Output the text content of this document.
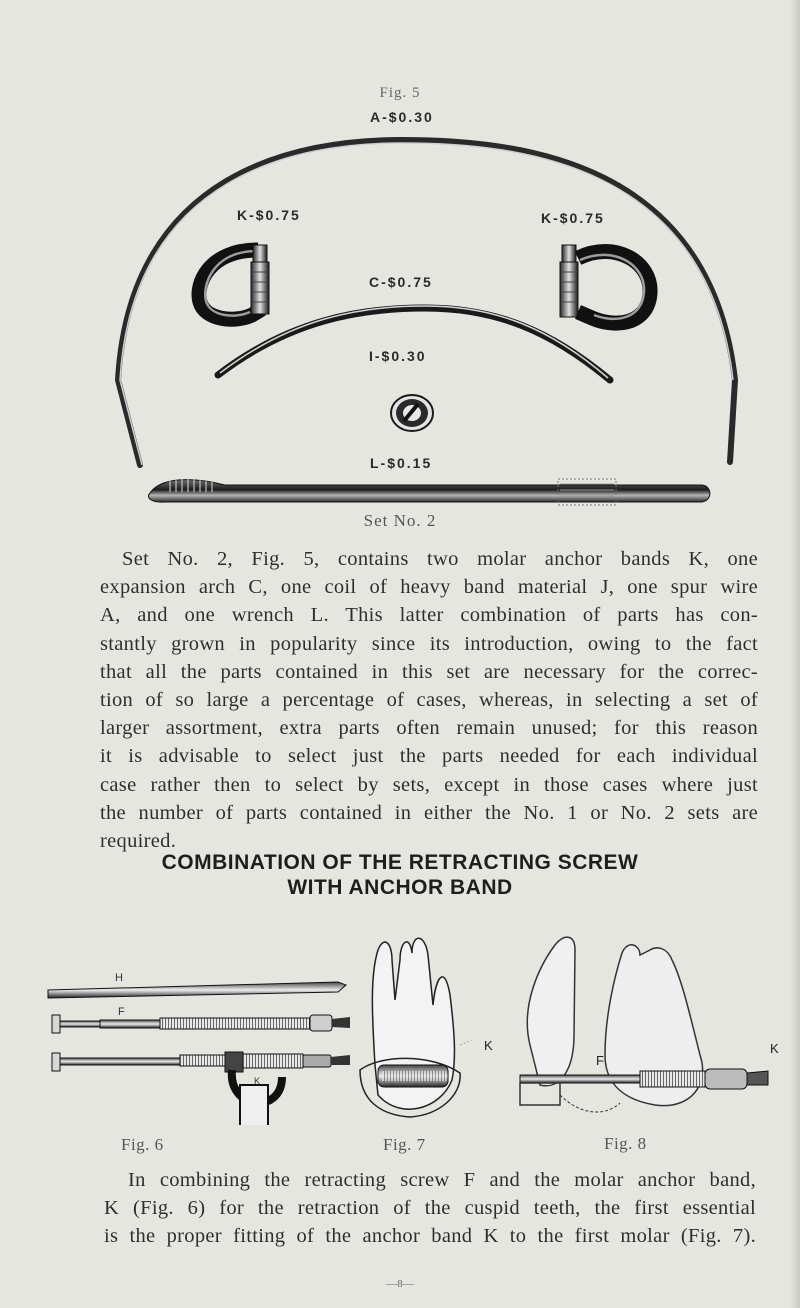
Fig. 5
A-$0.30
K-$0.75	K-$0.75
C-$0.75
I-$0.30
L-$0.15
Set No. 2
Set No. 2, Fig. 5, contains two molar anchor bands K, one
expansion arch C, one coil of heavy band material J, one spur wire
A, and one wrench L. This latter combination of parts has con-
stantly grown in popularity since its introduction, owing to the fact
that all the parts contained in this set are necessary for the correc-
tion of so large a percentage of cases, whereas, in selecting a set of
larger assortment, extra parts often remain unused; for this reason
it is advisable to select just the parts needed for each individual
case rather then to select by sets, except in those cases where just
the number of parts contained in either the No. 1 or No. 2 sets are
required.
COMBINATION OF THE RETRACTING SCREW
WITH ANCHOR BAND
H
F
K
K
F
K
Fig. 6	Fig. 7	Fig. 8
In combining the retracting screw F and the molar anchor band,
K (Fig. 6) for the retraction of the cuspid teeth, the first essential
is the proper fitting of the anchor band K to the first molar (Fig. 7).
—8—
